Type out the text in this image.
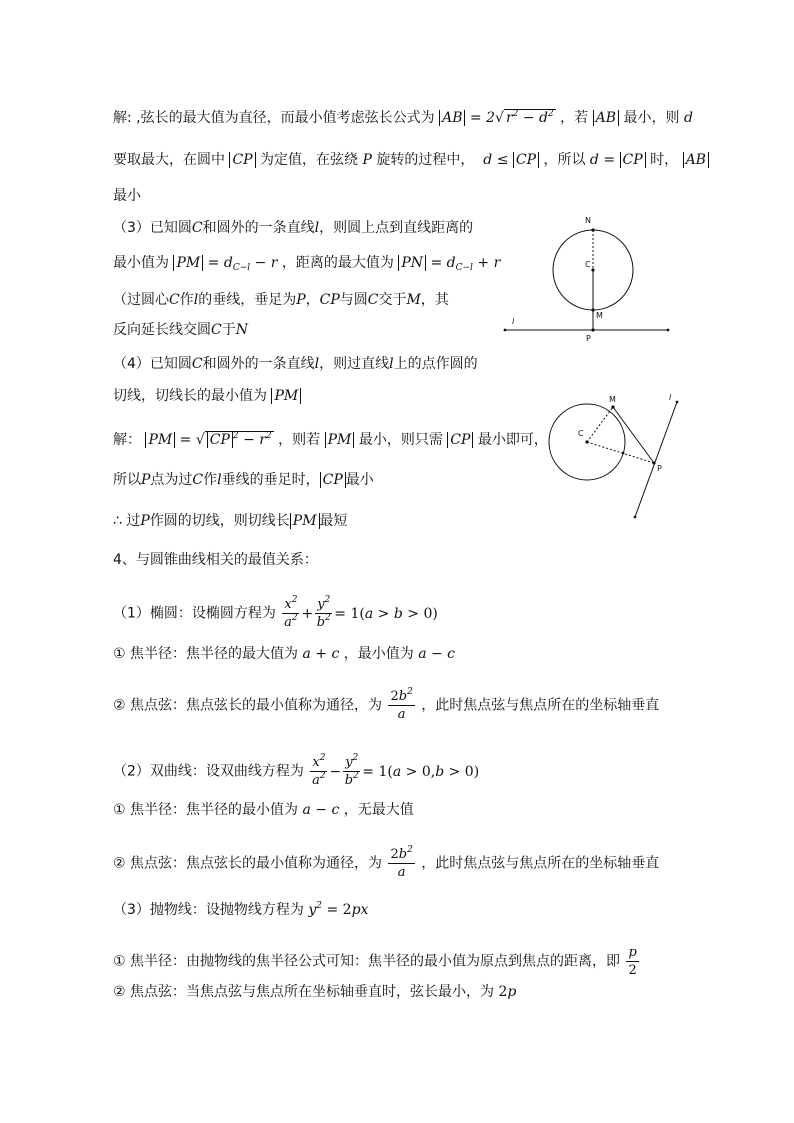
解: ,弦长的最大值为直径，而最小值考虑弦长公式为 AB = 2√ $r^2 - d^2$ ，若 AB 最小，则 d
要取最大，在圆中 CP 为定值，在弦绕 P 旋转的过程中，  d ≤ CP ，所以 d = CP 时， AB
最小
（3）已知圆C和圆外的一条直线l，则圆上点到直线距离的
最小值为 PM = $d_{C-l} - r$ ，距离的最大值为 PN = $d_{C-l} + r$
（过圆心C作l的垂线，垂足为P，CP与圆C交于M，其
反向延长线交圆C于N
（4）已知圆C和圆外的一条直线l，则过直线l上的点作圆的
切线，切线长的最小值为 PM
解： PM = √ CP $^2 - r^2$ ，则若 PM 最小，则只需 CP 最小即可，
所以P点为过C作l垂线的垂足时， CP 最小
∴ 过P作圆的切线，则切线长 PM 最短
4、与圆锥曲线相关的最值关系：
（1）椭圆：设椭圆方程为 $\frac{x^2}{a^2} + \frac{y^2}{b^2} = 1(a > b > 0)$
① 焦半径：焦半径的最大值为 a + c ，最小值为 a − c
② 焦点弦：焦点弦长的最小值称为通径，为 $\frac{2b^2}{a}$ ，此时焦点弦与焦点所在的坐标轴垂直
（2）双曲线：设双曲线方程为 $\frac{x^2}{a^2} - \frac{y^2}{b^2} = 1(a > 0,b > 0)$
① 焦半径：焦半径的最小值为 a − c ，无最大值
② 焦点弦：焦点弦长的最小值称为通径，为 $\frac{2b^2}{a}$ ，此时焦点弦与焦点所在的坐标轴垂直
（3）抛物线：设抛物线方程为 $y^2 = 2px$
① 焦半径：由抛物线的焦半径公式可知：焦半径的最小值为原点到焦点的距离，即 $\frac{p}{2}$
② 焦点弦：当焦点弦与焦点所在坐标轴垂直时，弦长最小，为 2p
N
C
M
P
l
M
C
P
l
